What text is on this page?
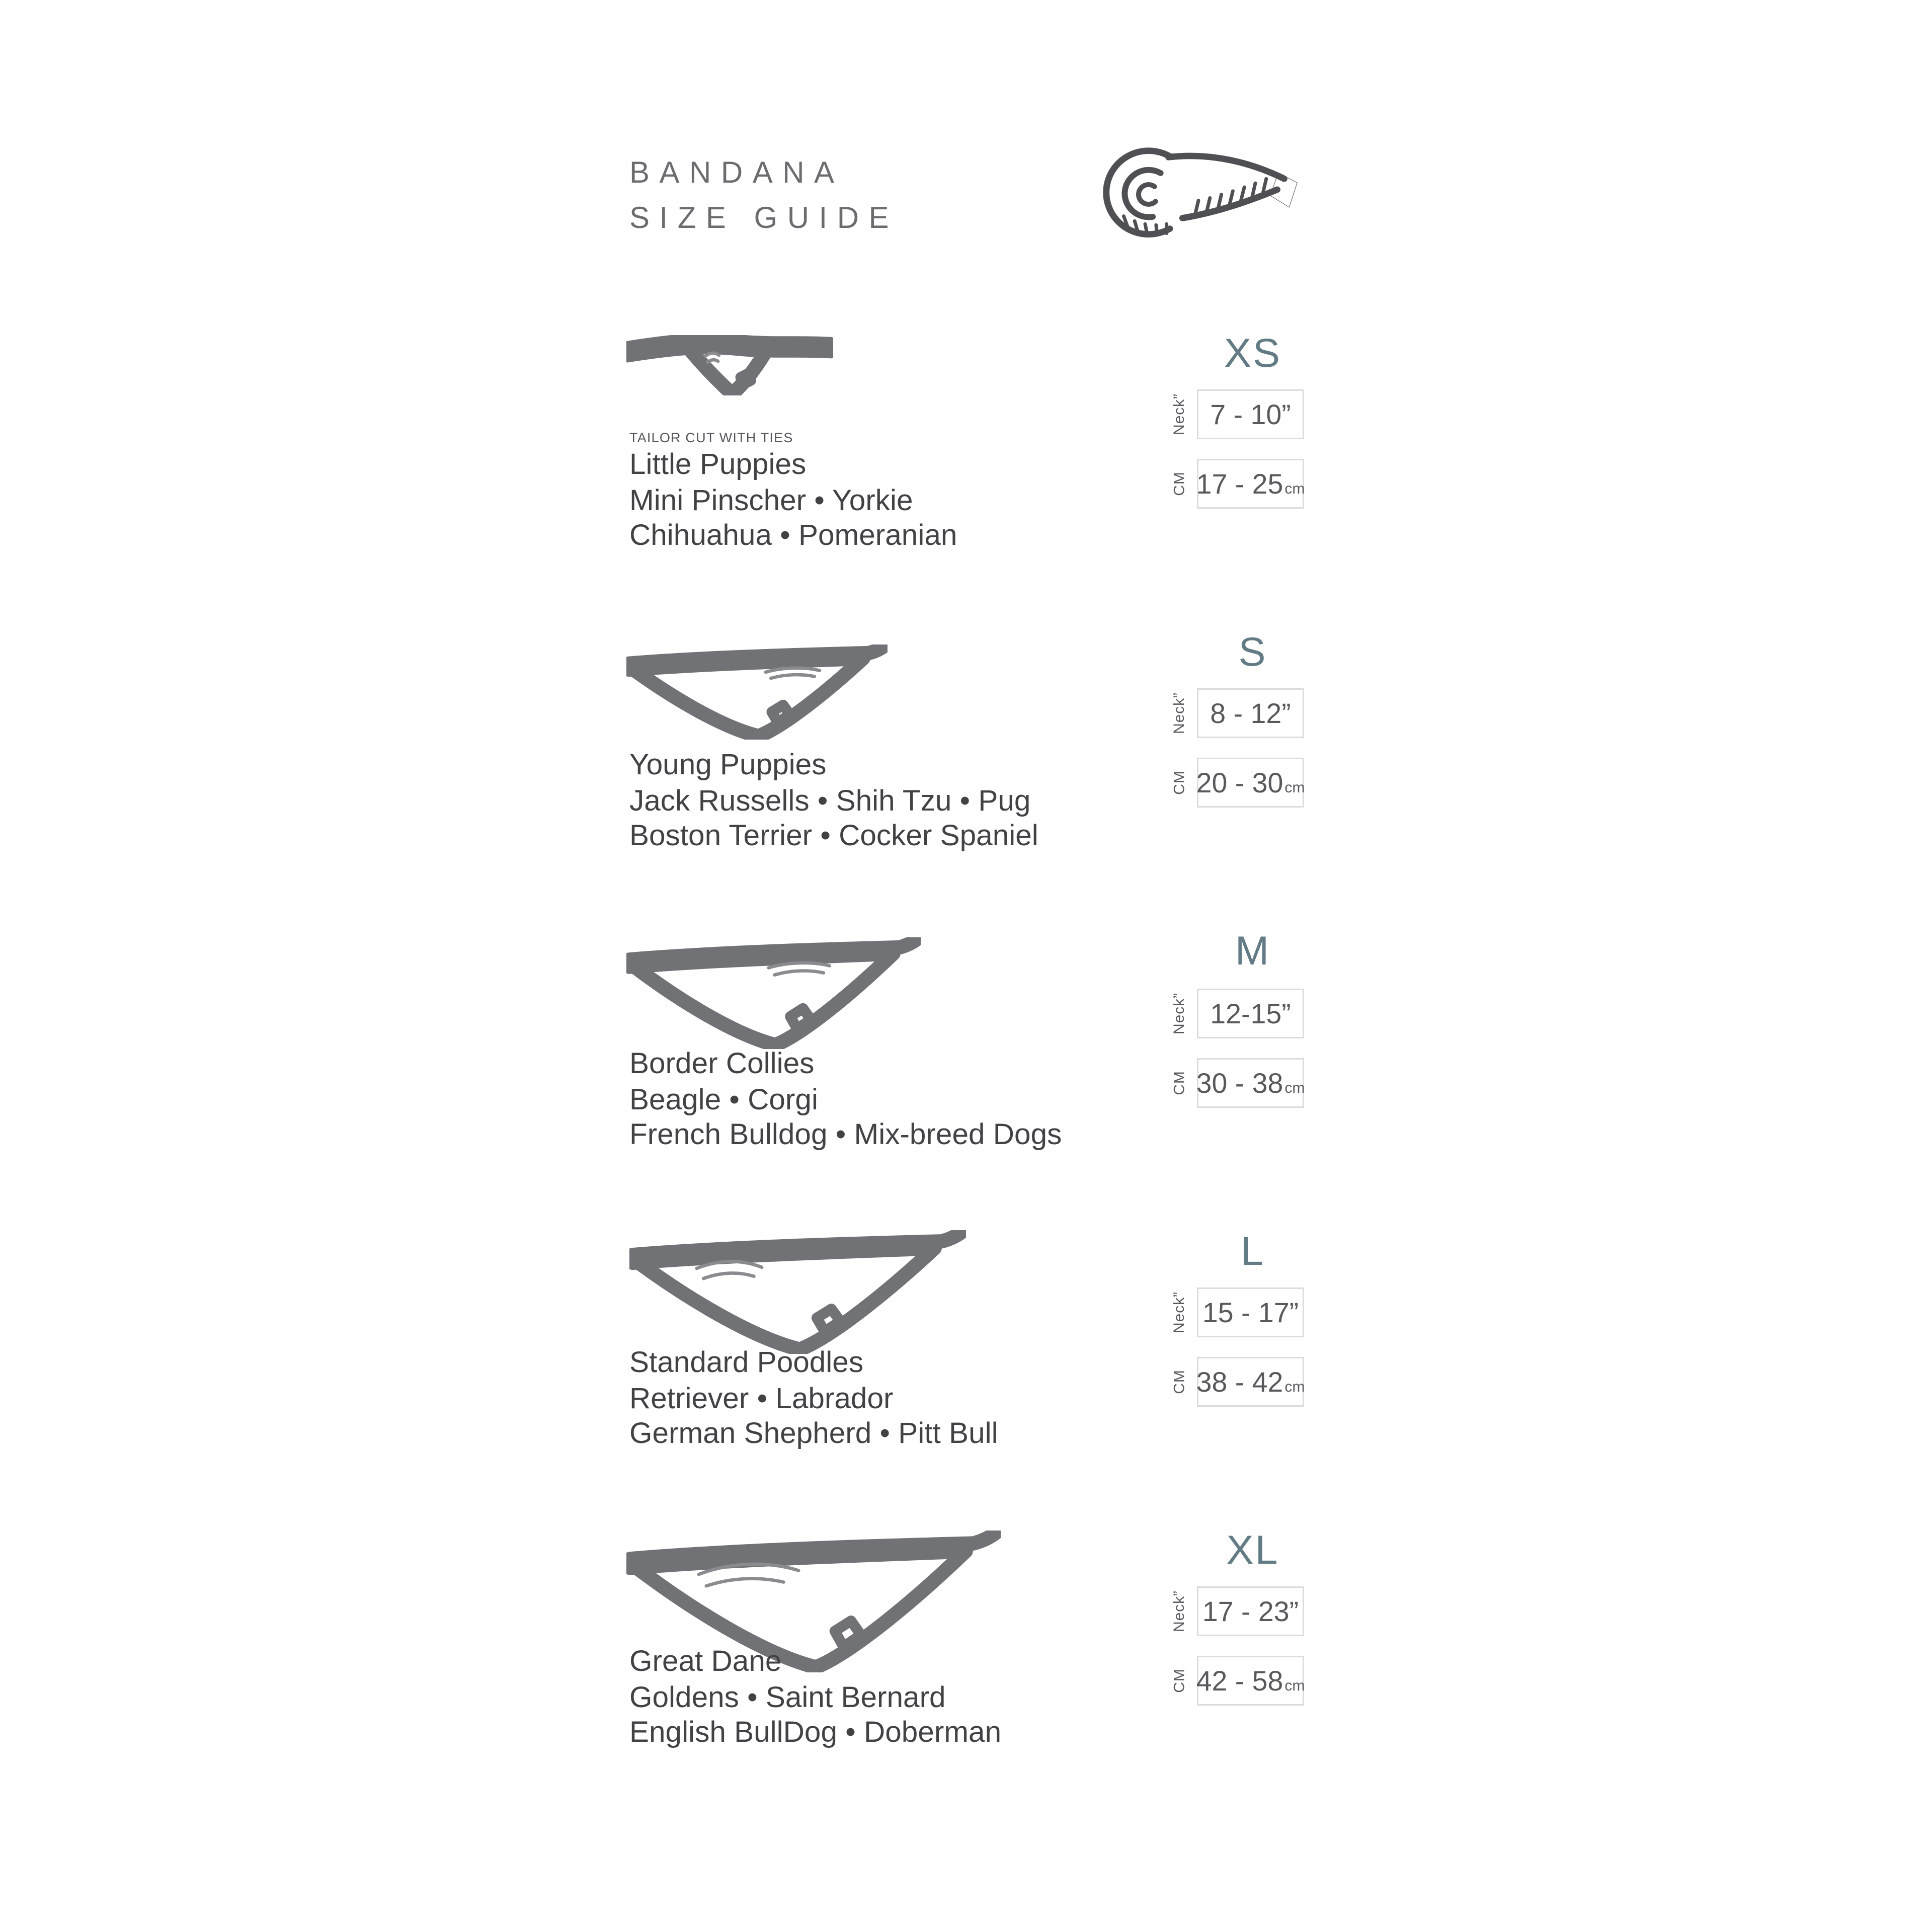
BANDANA
SIZE GUIDE
TAILOR CUT WITH TIES
Little Puppies
Mini Pinscher • Yorkie
Chihuahua • Pomeranian
XS
Neck” 7 - 10”
CM 17 - 25 cm
Young Puppies
Jack Russells • Shih Tzu • Pug
Boston Terrier • Cocker Spaniel
S
Neck” 8 - 12”
CM 20 - 30 cm
Border Collies
Beagle • Corgi
French Bulldog • Mix-breed Dogs
M
Neck” 12-15”
CM 30 - 38 cm
Standard Poodles
Retriever • Labrador
German Shepherd • Pitt Bull
L
Neck” 15 - 17”
CM 38 - 42 cm
Great Dane
Goldens • Saint Bernard
English BullDog • Doberman
XL
Neck” 17 - 23”
CM 42 - 58 cm
